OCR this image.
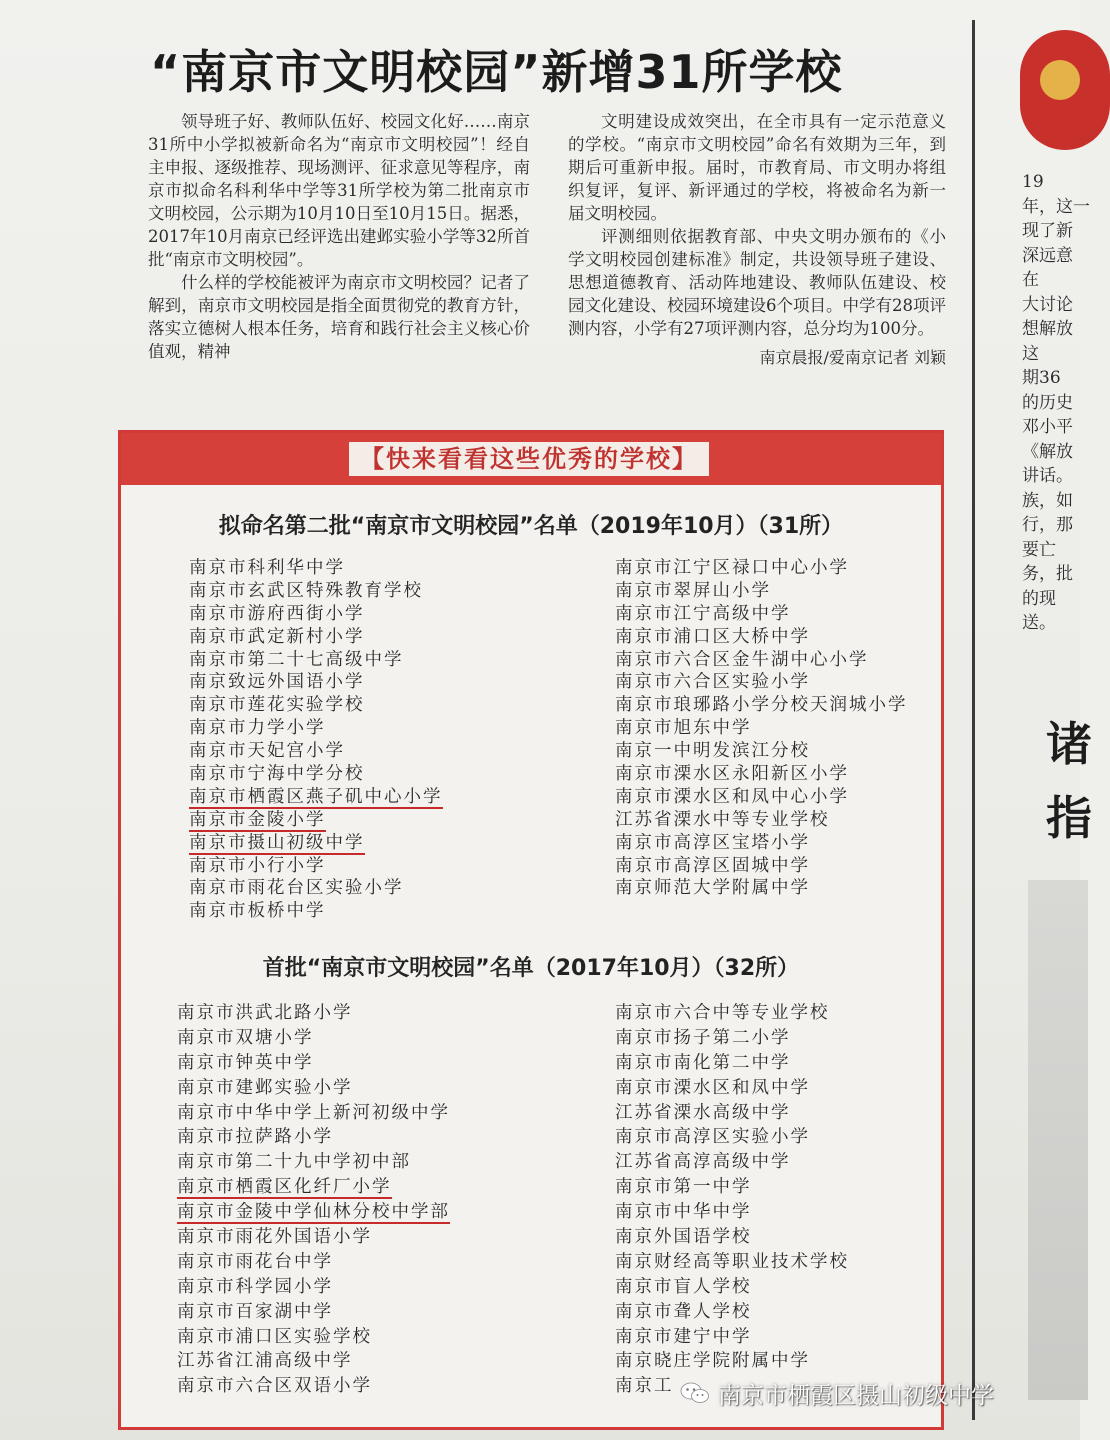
“南京市文明校园”新增31所学校

领导班子好、教师队伍好、校园文化好……南京31所中小学拟被新命名为“南京市文明校园”！经自主申报、逐级推荐、现场测评、征求意见等程序，南京市拟命名科利华中学等31所学校为第二批南京市文明校园，公示期为10月10日至10月15日。据悉，2017年10月南京已经评选出建邺实验小学等32所首批“南京市文明校园”。

什么样的学校能被评为南京市文明校园？记者了解到，南京市文明校园是指全面贯彻党的教育方针，落实立德树人根本任务，培育和践行社会主义核心价值观，精神

文明建设成效突出，在全市具有一定示范意义的学校。“南京市文明校园”命名有效期为三年，到期后可重新申报。届时，市教育局、市文明办将组织复评，复评、新评通过的学校，将被命名为新一届文明校园。

评测细则依据教育部、中央文明办颁布的《小学文明校园创建标准》制定，共设领导班子建设、思想道德教育、活动阵地建设、教师队伍建设、校园文化建设、校园环境建设6个项目。中学有28项评测内容，小学有27项评测内容，总分均为100分。

南京晨报/爱南京记者 刘颖
【快来看看这些优秀的学校】
拟命名第二批“南京市文明校园”名单（2019年10月）（31所）
南京市科利华中学
南京市玄武区特殊教育学校
南京市游府西街小学
南京市武定新村小学
南京市第二十七高级中学
南京致远外国语小学
南京市莲花实验学校
南京市力学小学
南京市天妃宫小学
南京市宁海中学分校
南京市栖霞区燕子矶中心小学
南京市金陵小学
南京市摄山初级中学
南京市小行小学
南京市雨花台区实验小学
南京市板桥中学
南京市江宁区禄口中心小学
南京市翠屏山小学
南京市江宁高级中学
南京市浦口区大桥中学
南京市六合区金牛湖中心小学
南京市六合区实验小学
南京市琅琊路小学分校天润城小学
南京市旭东中学
南京一中明发滨江分校
南京市溧水区永阳新区小学
南京市溧水区和凤中心小学
江苏省溧水中等专业学校
南京市高淳区宝塔小学
南京市高淳区固城中学
南京师范大学附属中学
首批“南京市文明校园”名单（2017年10月）（32所）
南京市洪武北路小学
南京市双塘小学
南京市钟英中学
南京市建邺实验小学
南京市中华中学上新河初级中学
南京市拉萨路小学
南京市第二十九中学初中部
南京市栖霞区化纤厂小学
南京市金陵中学仙林分校中学部
南京市雨花外国语小学
南京市雨花台中学
南京市科学园小学
南京市百家湖中学
南京市浦口区实验学校
江苏省江浦高级中学
南京市六合区双语小学
南京市六合中等专业学校
南京市扬子第二小学
南京市南化第二中学
南京市溧水区和凤中学
江苏省溧水高级中学
南京市高淳区实验小学
江苏省高淳高级中学
南京市第一中学
南京市中华中学
南京外国语学校
南京财经高等职业技术学校
南京市盲人学校
南京市聋人学校
南京市建宁中学
南京晓庄学院附属中学
南京工
19
年，这一
现了新
深远意
在
大讨论
想解放
这
期36
的历史
邓小平
《解放
讲话。
族，如
行，那
要亡
务，批
的现
送。
诸
指
南京市栖霞区摄山初级中学
